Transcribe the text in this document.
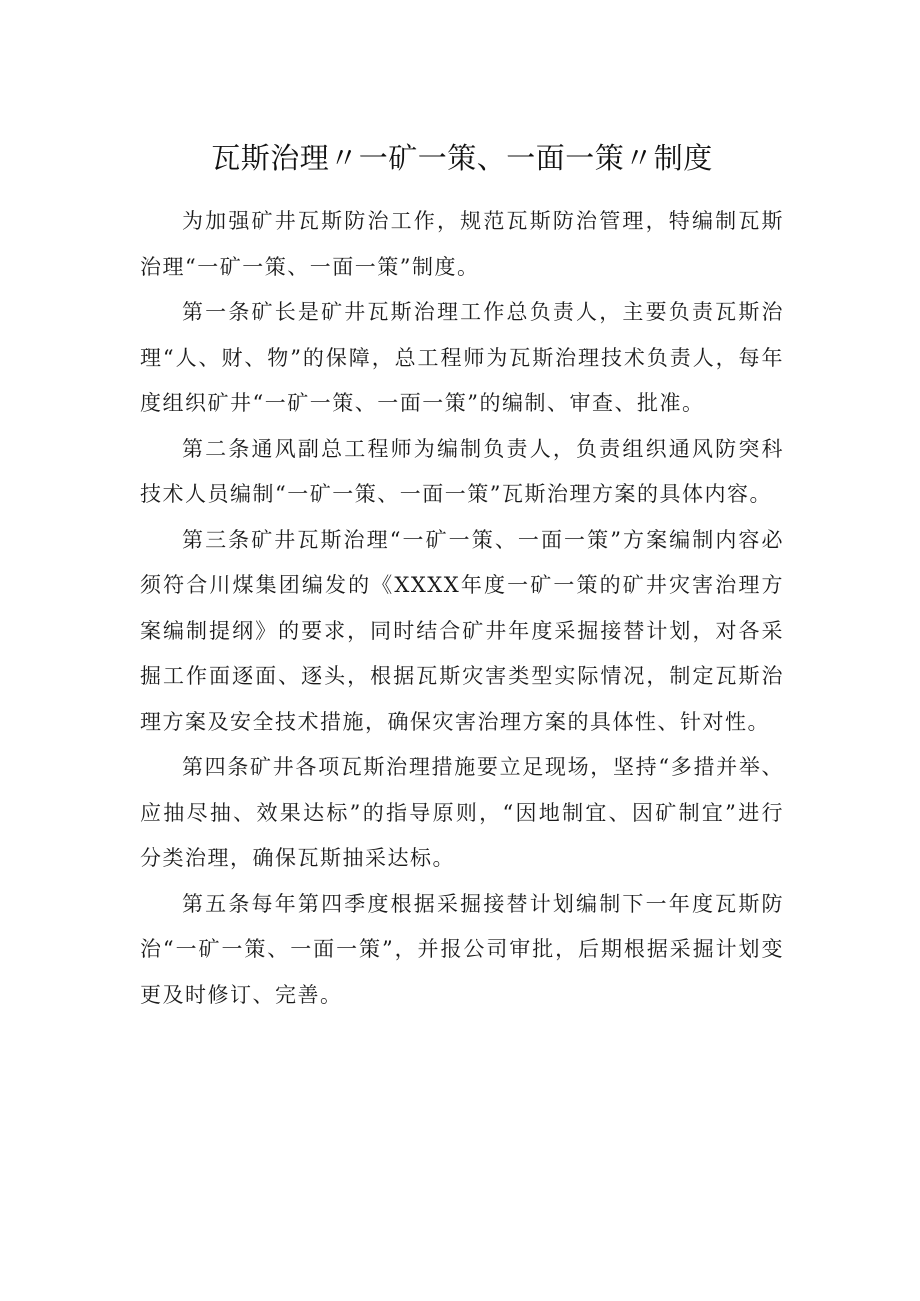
瓦斯治理〃一矿一策、一面一策〃制度

为加强矿井瓦斯防治工作，规范瓦斯防治管理，特编制瓦斯治理“一矿一策、一面一策”制度。

第一条矿长是矿井瓦斯治理工作总负责人，主要负责瓦斯治理“人、财、物”的保障，总工程师为瓦斯治理技术负责人，每年度组织矿井“一矿一策、一面一策”的编制、审查、批准。

第二条通风副总工程师为编制负责人，负责组织通风防突科技术人员编制“一矿一策、一面一策”瓦斯治理方案的具体内容。

第三条矿井瓦斯治理“一矿一策、一面一策”方案编制内容必须符合川煤集团编发的《XXXX年度一矿一策的矿井灾害治理方案编制提纲》的要求，同时结合矿井年度采掘接替计划，对各采掘工作面逐面、逐头，根据瓦斯灾害类型实际情况，制定瓦斯治理方案及安全技术措施，确保灾害治理方案的具体性、针对性。

第四条矿井各项瓦斯治理措施要立足现场，坚持“多措并举、应抽尽抽、效果达标”的指导原则，“因地制宜、因矿制宜”进行分类治理，确保瓦斯抽采达标。

第五条每年第四季度根据采掘接替计划编制下一年度瓦斯防治“一矿一策、一面一策”，并报公司审批，后期根据采掘计划变更及时修订、完善。
